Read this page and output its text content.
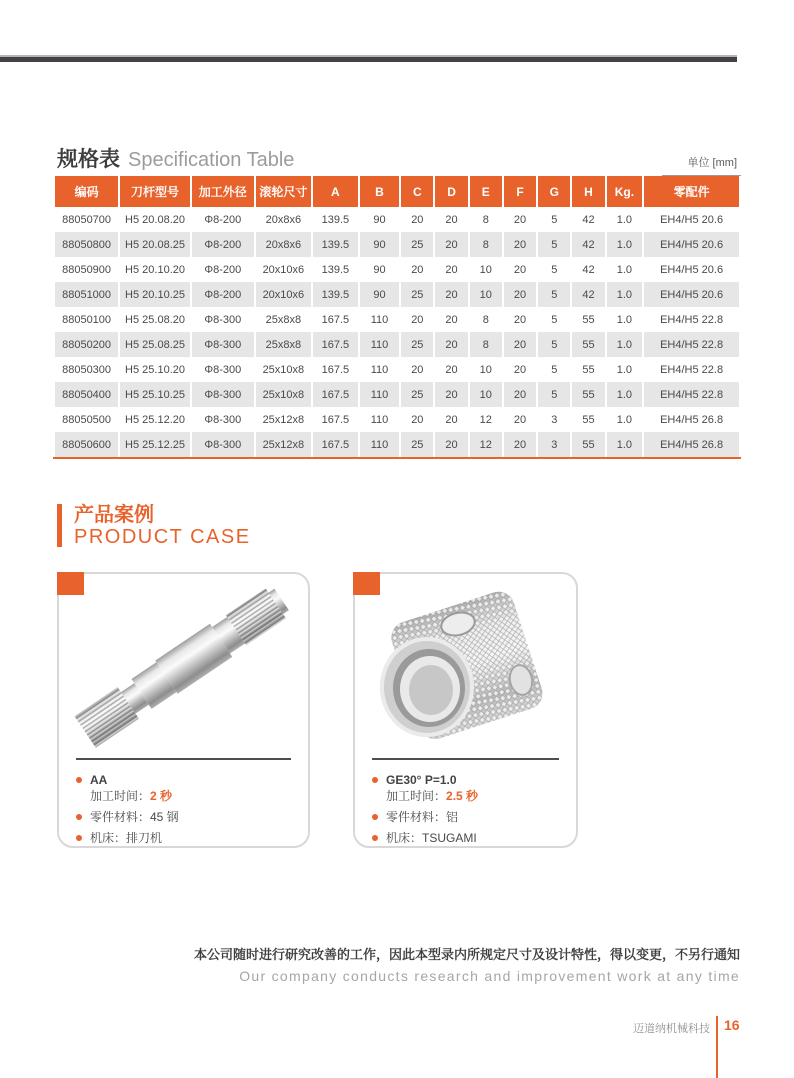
规格表 Specification Table	单位 [mm]
编码	刀杆型号	加工外径	滚轮尺寸	A	B	C	D	E	F	G	H	Kg.	零配件
88050700	H5 20.08.20	Φ8-200	20x8x6	139.5	90	20	20	8	20	5	42	1.0	EH4/H5 20.6
88050800	H5 20.08.25	Φ8-200	20x8x6	139.5	90	25	20	8	20	5	42	1.0	EH4/H5 20.6
88050900	H5 20.10.20	Φ8-200	20x10x6	139.5	90	20	20	10	20	5	42	1.0	EH4/H5 20.6
88051000	H5 20.10.25	Φ8-200	20x10x6	139.5	90	25	20	10	20	5	42	1.0	EH4/H5 20.6
88050100	H5 25.08.20	Φ8-300	25x8x8	167.5	110	20	20	8	20	5	55	1.0	EH4/H5 22.8
88050200	H5 25.08.25	Φ8-300	25x8x8	167.5	110	25	20	8	20	5	55	1.0	EH4/H5 22.8
88050300	H5 25.10.20	Φ8-300	25x10x8	167.5	110	20	20	10	20	5	55	1.0	EH4/H5 22.8
88050400	H5 25.10.25	Φ8-300	25x10x8	167.5	110	25	20	10	20	5	55	1.0	EH4/H5 22.8
88050500	H5 25.12.20	Φ8-300	25x12x8	167.5	110	20	20	12	20	3	55	1.0	EH4/H5 26.8
88050600	H5 25.12.25	Φ8-300	25x12x8	167.5	110	25	20	12	20	3	55	1.0	EH4/H5 26.8
产品案例
PRODUCT CASE
AA
加工时间：2 秒
零件材料：45 钢
机床：排刀机
GE30° P=1.0
加工时间：2.5 秒
零件材料：铝
机床：TSUGAMI
本公司随时进行研究改善的工作，因此本型录内所规定尺寸及设计特性，得以变更，不另行通知
Our company conducts research and improvement work at any time
迈道纳机械科技 16
